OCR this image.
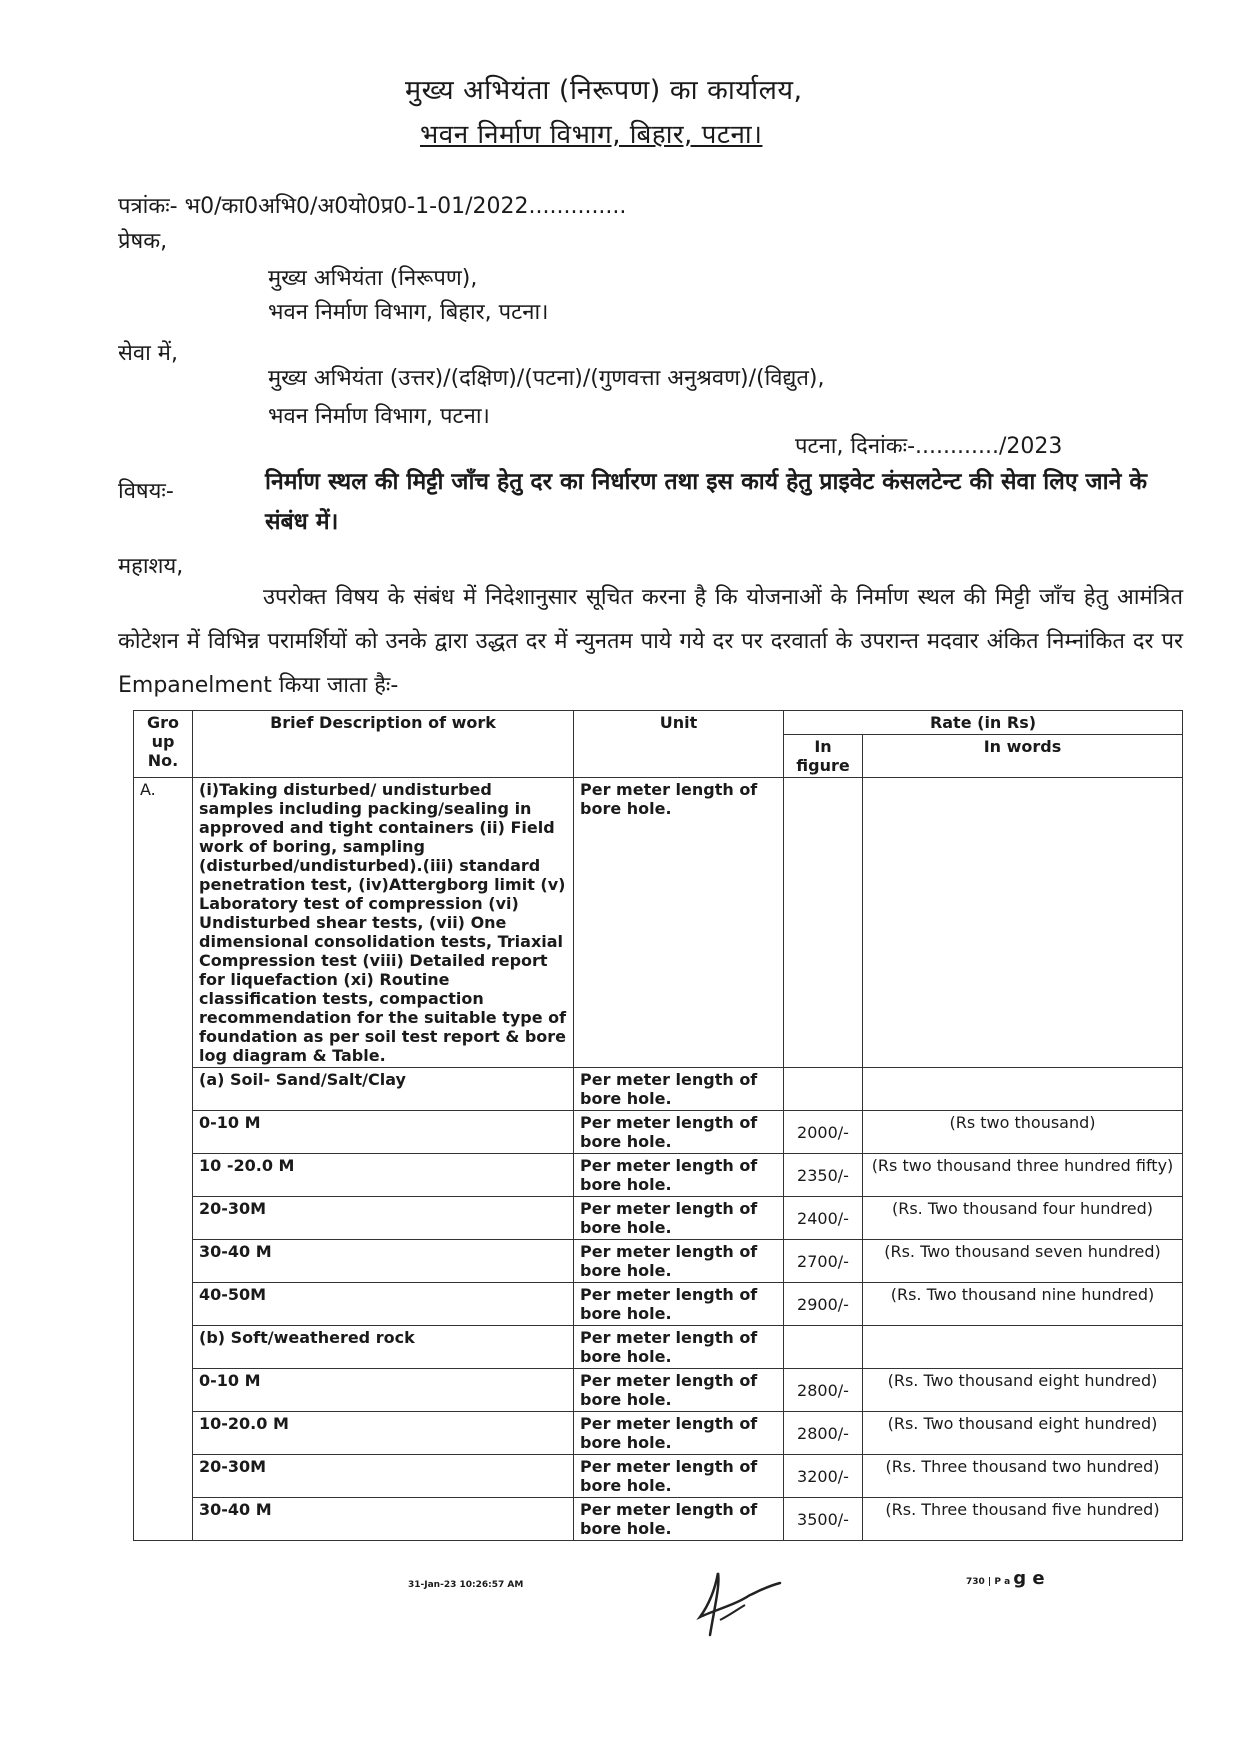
मुख्य अभियंता (निरूपण) का कार्यालय,
भवन निर्माण विभाग, बिहार, पटना।
पत्रांकः- भ0/का0अभि0/अ0यो0प्र0-1-01/2022..............
प्रेषक,
मुख्य अभियंता (निरूपण),
भवन निर्माण विभाग, बिहार, पटना।
सेवा में,
मुख्य अभियंता (उत्तर)/(दक्षिण)/(पटना)/(गुणवत्ता अनुश्रवण)/(विद्युत),
भवन निर्माण विभाग, पटना।
पटना, दिनांकः-............/2023
विषयः-	निर्माण स्थल की मिट्टी जाँच हेतु दर का निर्धारण तथा इस कार्य हेतु प्राइवेट कंसलटेन्ट की सेवा लिए जाने के संबंध में।
महाशय,
उपरोक्त विषय के संबंध में निदेशानुसार सूचित करना है कि योजनाओं के निर्माण स्थल की मिट्टी जाँच हेतु आमंत्रित कोटेशन में विभिन्न परामर्शियों को उनके द्वारा उद्धत दर में न्युनतम पाये गये दर पर दरवार्ता के उपरान्त मदवार अंकित निम्नांकित दर पर Empanelment किया जाता हैः-
Gro up No.	Brief Description of work	Unit	Rate (in Rs)	
			In figure	In words
A.	(i)Taking disturbed/ undisturbed samples including packing/sealing in approved and tight containers (ii) Field work of boring, sampling (disturbed/undisturbed).(iii) standard penetration test, (iv)Attergborg limit (v) Laboratory test of compression (vi) Undisturbed shear tests, (vii) One dimensional consolidation tests, Triaxial Compression test (viii) Detailed report for liquefaction (xi) Routine classification tests, compaction recommendation for the suitable type of foundation as per soil test report & bore log diagram & Table.	Per meter length of bore hole.		
	(a) Soil- Sand/Salt/Clay	Per meter length of bore hole.		
	0-10 M	Per meter length of bore hole.	2000/-	(Rs two thousand)
	10 -20.0 M	Per meter length of bore hole.	2350/-	(Rs two thousand three hundred fifty)
	20-30M	Per meter length of bore hole.	2400/-	(Rs. Two thousand four hundred)
	30-40 M	Per meter length of bore hole.	2700/-	(Rs. Two thousand seven hundred)
	40-50M	Per meter length of bore hole.	2900/-	(Rs. Two thousand nine hundred)
	(b) Soft/weathered rock	Per meter length of bore hole.		
	0-10 M	Per meter length of bore hole.	2800/-	(Rs. Two thousand eight hundred)
	10-20.0 M	Per meter length of bore hole.	2800/-	(Rs. Two thousand eight hundred)
	20-30M	Per meter length of bore hole.	3200/-	(Rs. Three thousand two hundred)
	30-40 M	Per meter length of bore hole.	3500/-	(Rs. Three thousand five hundred)
31-Jan-23 10:26:57 AM	730 | P a g e
